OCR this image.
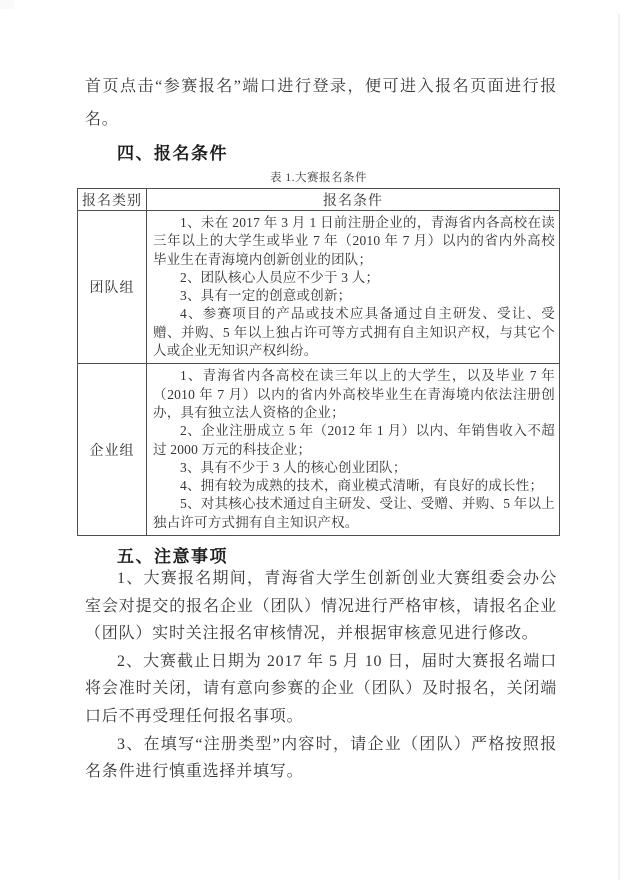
首页点击“参赛报名”端口进行登录，便可进入报名页面进行报名。

四、报名条件

表 1.大赛报名条件

报名类别	报名条件
团队组	1、未在 2017 年 3 月 1 日前注册企业的，青海省内各高校在读三年以上的大学生或毕业 7 年（2010 年 7 月）以内的省内外高校毕业生在青海境内创新创业的团队；

2、团队核心人员应不少于 3 人；

3、具有一定的创意或创新；

4、参赛项目的产品或技术应具备通过自主研发、受让、受赠、并购、5 年以上独占许可等方式拥有自主知识产权，与其它个人或企业无知识产权纠纷。

企业组	1、青海省内各高校在读三年以上的大学生，以及毕业 7 年（2010 年 7 月）以内的省内外高校毕业生在青海境内依法注册创办，具有独立法人资格的企业；

2、企业注册成立 5 年（2012 年 1 月）以内、年销售收入不超过 2000 万元的科技企业；

3、具有不少于 3 人的核心创业团队；

4、拥有较为成熟的技术，商业模式清晰，有良好的成长性；

5、对其核心技术通过自主研发、受让、受赠、并购、5 年以上独占许可方式拥有自主知识产权。

五、注意事项

1、大赛报名期间，青海省大学生创新创业大赛组委会办公室会对提交的报名企业（团队）情况进行严格审核，请报名企业（团队）实时关注报名审核情况，并根据审核意见进行修改。

2、大赛截止日期为 2017 年 5 月 10 日，届时大赛报名端口将会准时关闭，请有意向参赛的企业（团队）及时报名，关闭端口后不再受理任何报名事项。

3、在填写“注册类型”内容时，请企业（团队）严格按照报名条件进行慎重选择并填写。
